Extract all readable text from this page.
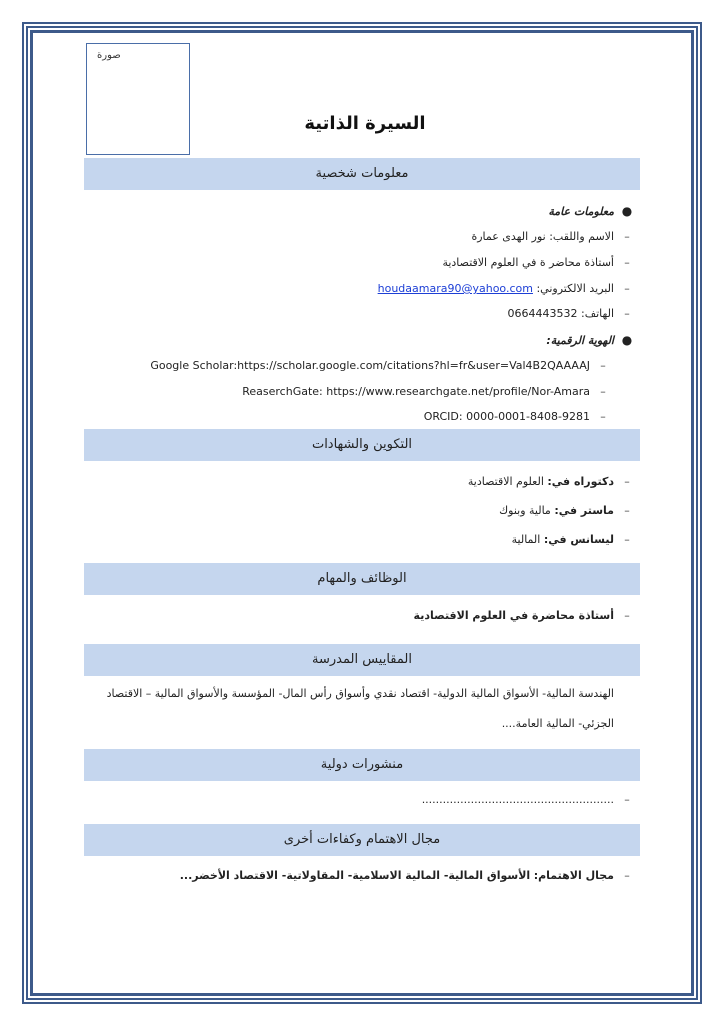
صورة
السيرة الذاتية
معلومات شخصية
●معلومات عامة
–الاسم واللقب: نور الهدى عمارة
–أستاذة محاضر ة في العلوم الاقتصادية
–البريد الالكتروني: houdaamara90@yahoo.com
–الهاتف: 0664443532
●الهوية الرقمية:
–Google Scholar:https://scholar.google.com/citations?hl=fr&user=Val4B2QAAAAJ
–ReaserchGate: https://www.researchgate.net/profile/Nor-Amara
–ORCID: 0000-0001-8408-9281
التكوين والشهادات
–دكتوراه في: العلوم الاقتصادية
–ماستر في: مالية وبنوك
–ليسانس في: المالية
الوظائف والمهام
–أستاذة محاضرة في العلوم الاقتصادية
المقاييس المدرسة
الهندسة المالية- الأسواق المالية الدولية- اقتصاد نقدي وأسواق رأس المال- المؤسسة والأسواق المالية – الاقتصاد الجزئي- المالية العامة....
منشورات دولية
–.......................................................
مجال الاهتمام وكفاءات أخرى
–مجال الاهتمام: الأسواق المالية- المالية الاسلامية- المقاولاتية- الاقتصاد الأخضر...
